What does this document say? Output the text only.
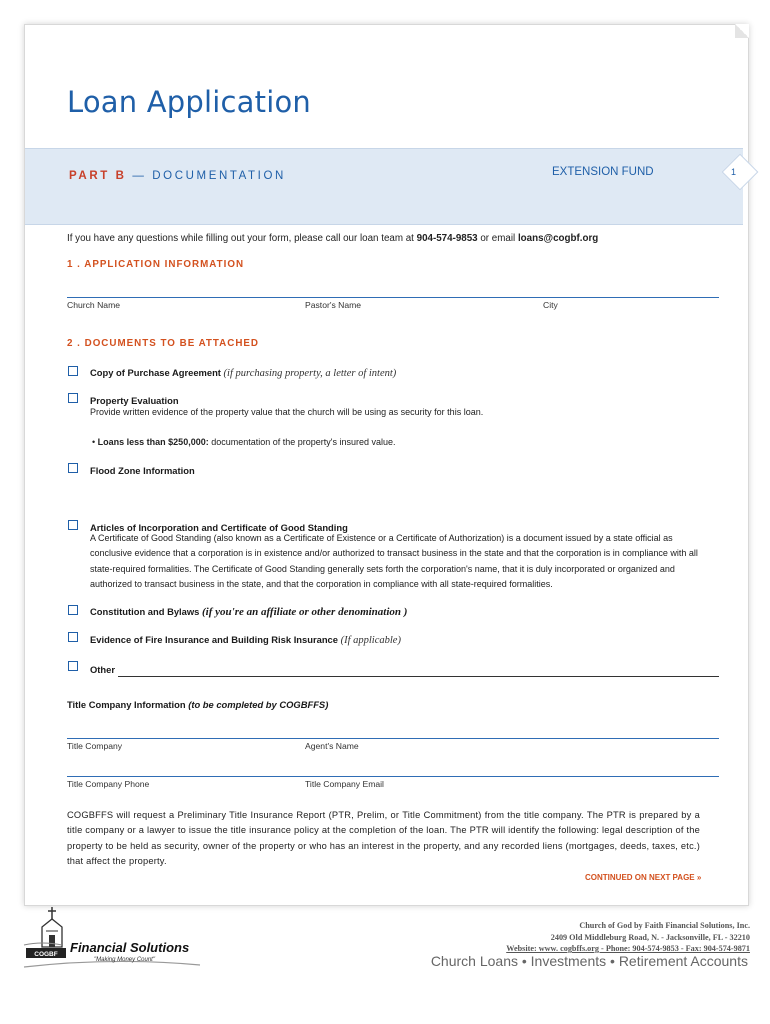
Loan Application
PART B — DOCUMENTATION	EXTENSION FUND	1
If you have any questions while filling out your form, please call our loan team at 904-574-9853 or email loans@cogbf.org
1 . APPLICATION INFORMATION
Church Name	Pastor's Name	City
2 . DOCUMENTS TO BE ATTACHED
Copy of Purchase Agreement (if purchasing property, a letter of intent)
Property Evaluation
Provide written evidence of the property value that the church will be using as security for this loan.
• Loans less than $250,000: documentation of the property's insured value.
Flood Zone Information
Articles of Incorporation and Certificate of Good Standing
A Certificate of Good Standing (also known as a Certificate of Existence or a Certificate of Authorization) is a document issued by a state official as conclusive evidence that a corporation is in existence and/or authorized to transact business in the state and that the corporation is in compliance with all state-required formalities. The Certificate of Good Standing generally sets forth the corporation's name, that it is duly incorporated or organized and authorized to transact business in the state, and that the corporation in compliance with all state-required formalities.
Constitution and Bylaws (if you're an affiliate or other denomination )
Evidence of Fire Insurance and Building Risk Insurance (If applicable)
Other
Title Company Information (to be completed by COGBFFS)
Title Company	Agent's Name
Title Company Phone	Title Company Email
COGBFFS will request a Preliminary Title Insurance Report (PTR, Prelim, or Title Commitment) from the title company. The PTR is prepared by a title company or a lawyer to issue the title insurance policy at the completion of the loan. The PTR will identify the following: legal description of the property to be held as security, owner of the property or who has an interest in the property, and any recorded liens (mortgages, deeds, taxes, etc.) that affect the property.
CONTINUED ON NEXT PAGE »
COGBF Financial Solutions
"Making Money Count"
Church of God by Faith Financial Solutions, Inc.
2409 Old Middleburg Road, N. - Jacksonville, FL - 32210
Website: www. cogbffs.org - Phone: 904-574-9853 - Fax: 904-574-9871
Church Loans • Investments • Retirement Accounts
